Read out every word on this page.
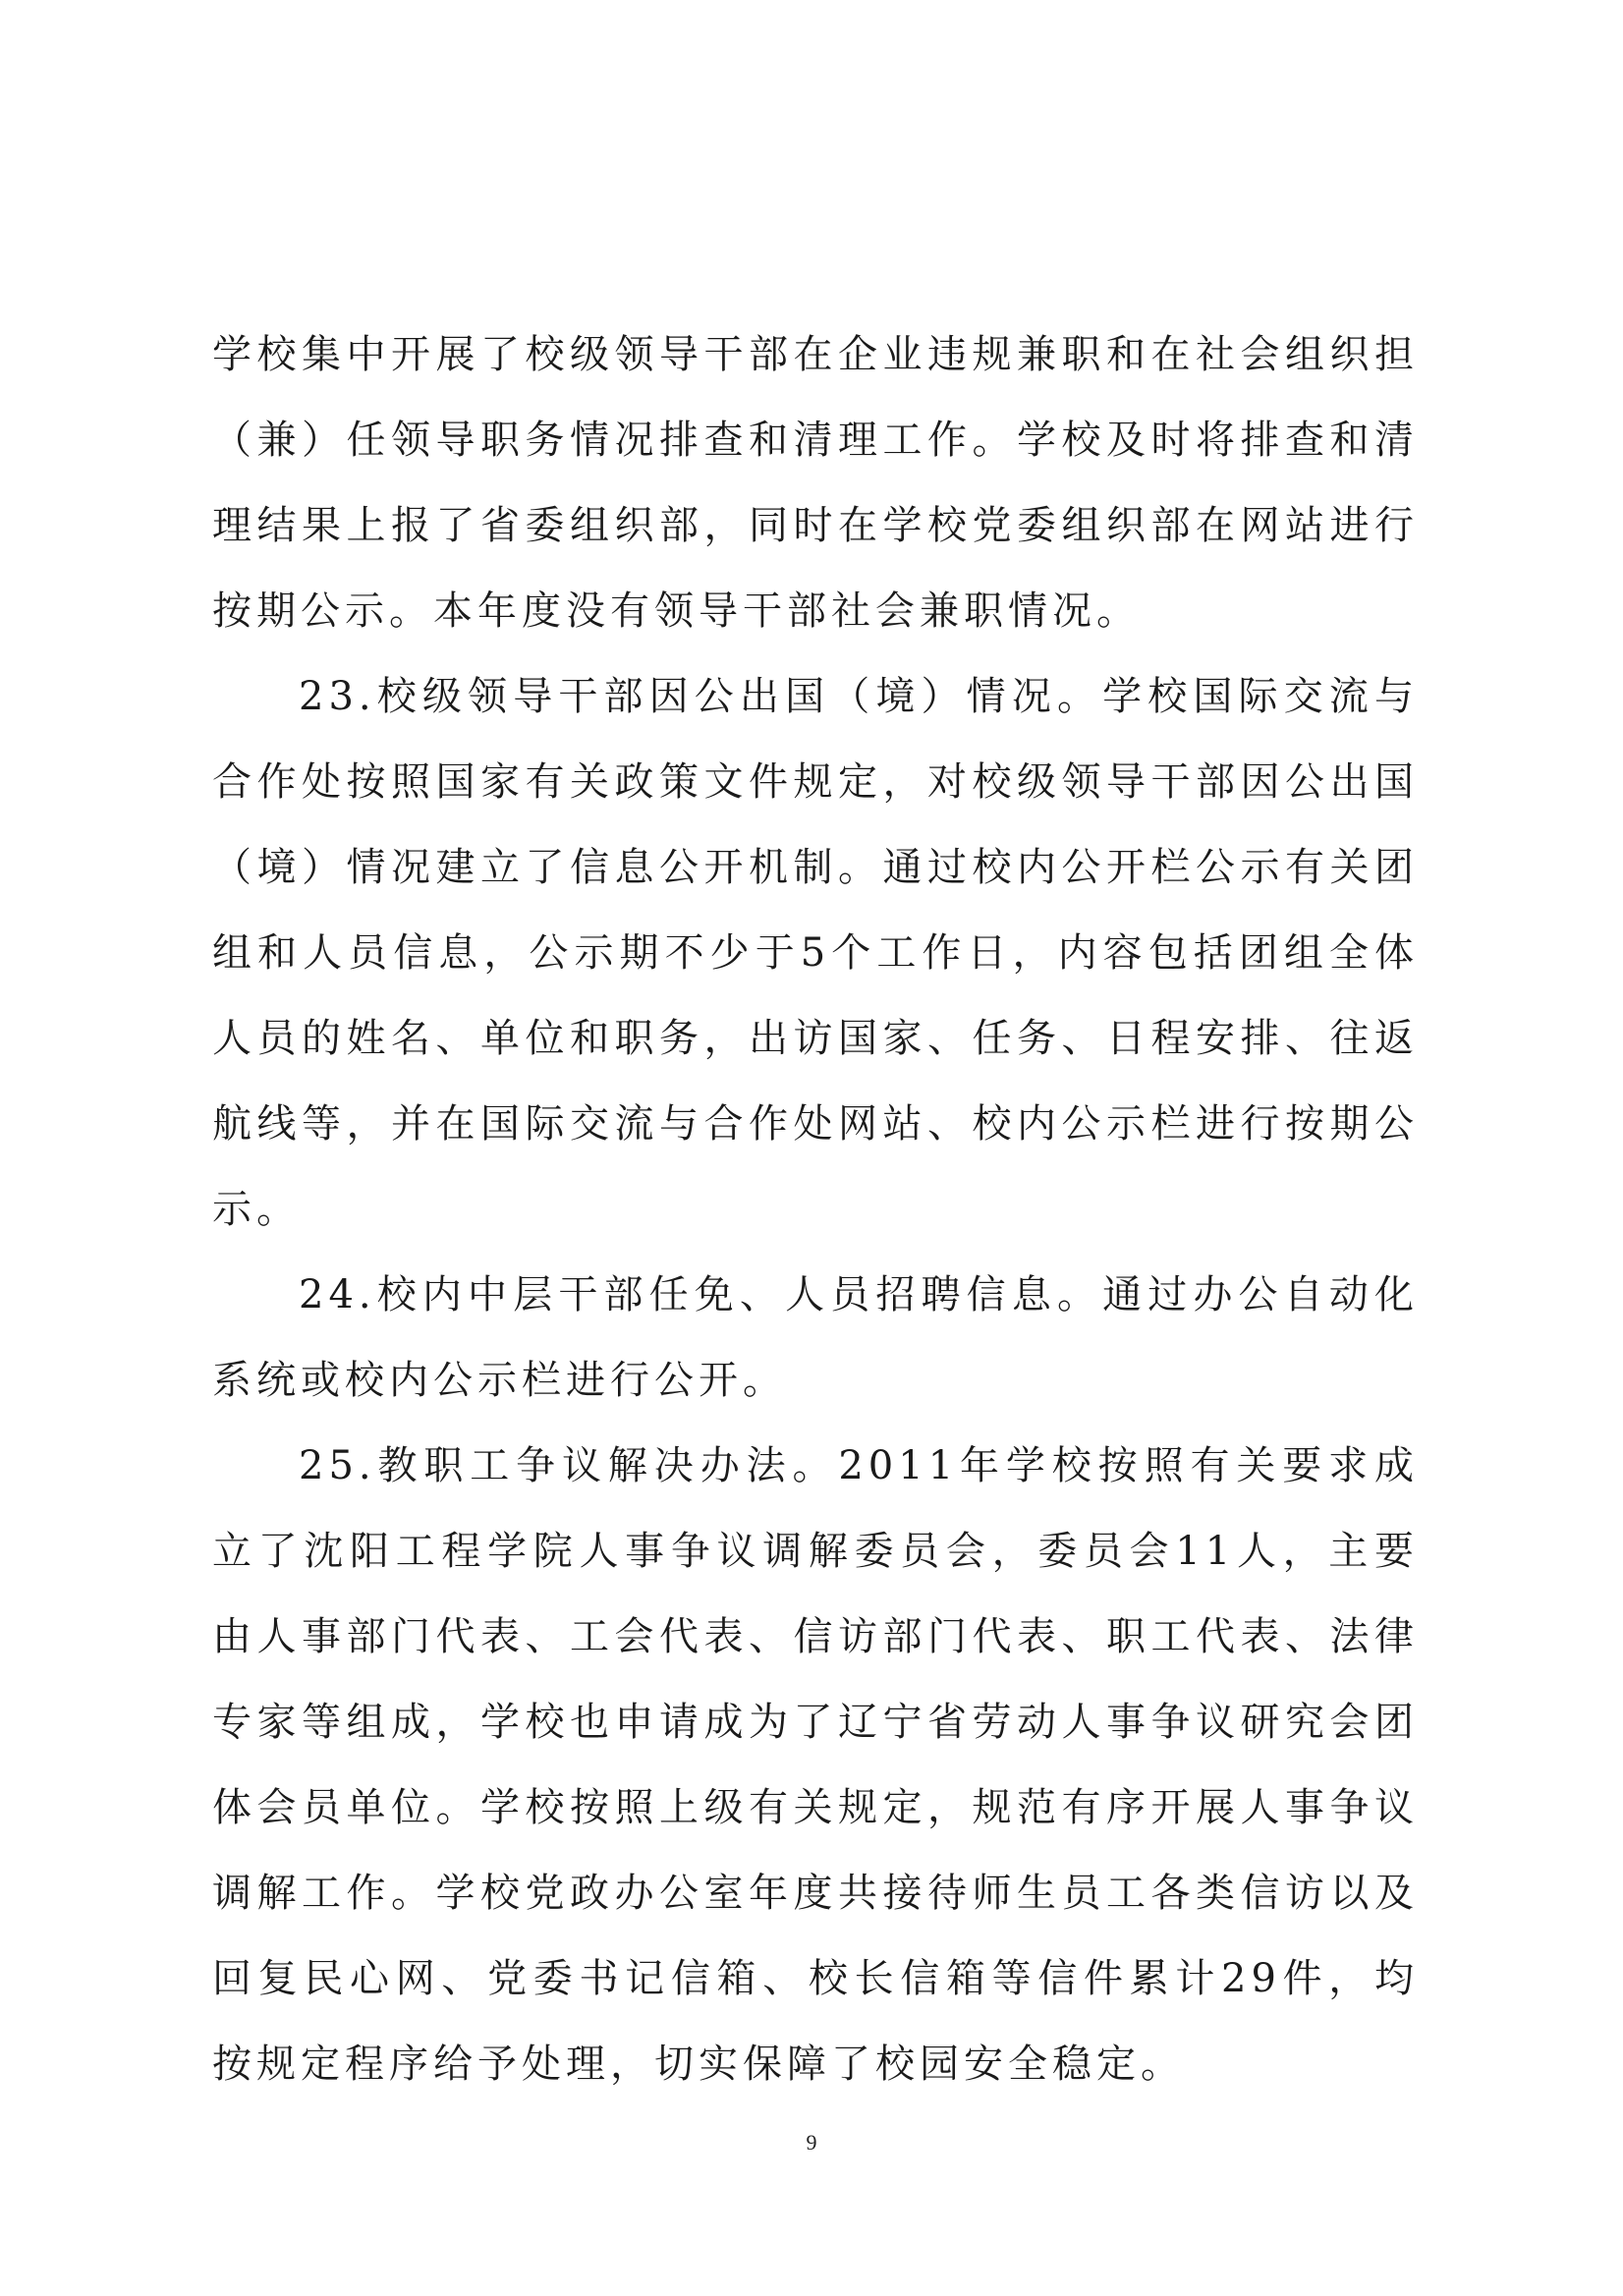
学校集中开展了校级领导干部在企业违规兼职和在社会组织担（兼）任领导职务情况排查和清理工作。学校及时将排查和清理结果上报了省委组织部，同时在学校党委组织部在网站进行按期公示。本年度没有领导干部社会兼职情况。

23.校级领导干部因公出国（境）情况。学校国际交流与合作处按照国家有关政策文件规定，对校级领导干部因公出国（境）情况建立了信息公开机制。通过校内公开栏公示有关团组和人员信息，公示期不少于5个工作日，内容包括团组全体人员的姓名、单位和职务，出访国家、任务、日程安排、往返航线等，并在国际交流与合作处网站、校内公示栏进行按期公示。

24.校内中层干部任免、人员招聘信息。通过办公自动化系统或校内公示栏进行公开。

25.教职工争议解决办法。2011年学校按照有关要求成立了沈阳工程学院人事争议调解委员会，委员会11人，主要由人事部门代表、工会代表、信访部门代表、职工代表、法律专家等组成，学校也申请成为了辽宁省劳动人事争议研究会团体会员单位。学校按照上级有关规定，规范有序开展人事争议调解工作。学校党政办公室年度共接待师生员工各类信访以及回复民心网、党委书记信箱、校长信箱等信件累计29件，均按规定程序给予处理，切实保障了校园安全稳定。

9
